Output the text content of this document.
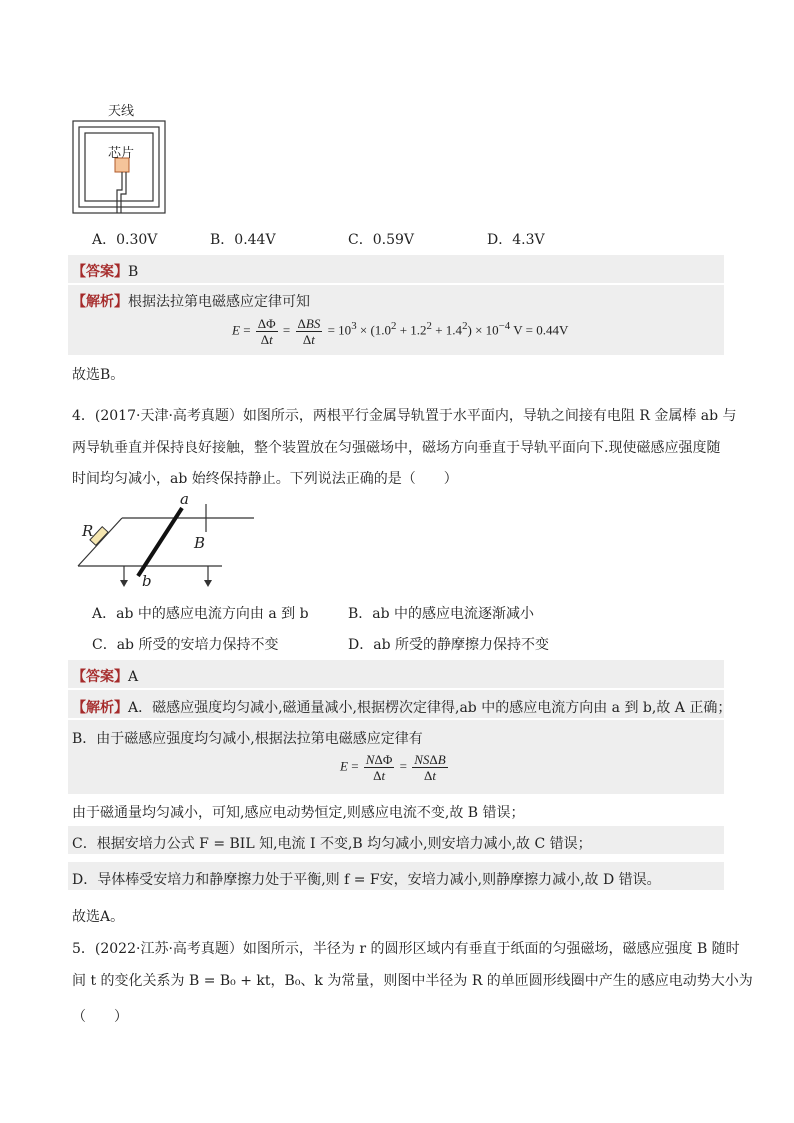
天线
芯片
A．0.30V	B．0.44V	C．0.59V	D．4.3V
【答案】B
【解析】根据法拉第电磁感应定律可知
$E = \frac{\Delta\Phi}{\Delta t} = \frac{\text{ΔBS}}{\Delta t} = 10^3 \times (1.0^2 + 1.2^2 + 1.4^2) \times 10^{-4}$ V = 0.44V
故选B。
4．(2017·天津·高考真题）如图所示，两根平行金属导轨置于水平面内，导轨之间接有电阻 R 金属棒 ab 与
两导轨垂直并保持良好接触，整个装置放在匀强磁场中，磁场方向垂直于导轨平面向下.现使磁感应强度随
时间均匀减小，ab 始终保持静止。下列说法正确的是（　　）
R
a
b
B
A．ab 中的感应电流方向由 a 到 b	B．ab 中的感应电流逐渐减小
C．ab 所受的安培力保持不变	D．ab 所受的静摩擦力保持不变
【答案】A
【解析】A．磁感应强度均匀减小,磁通量减小,根据楞次定律得,ab 中的感应电流方向由 a 到 b,故 A 正确；
B．由于磁感应强度均匀减小,根据法拉第电磁感应定律有
$E = \frac{\text{NΔΦ}}{\Delta t} = \frac{\text{NSΔB}}{\Delta t}$
由于磁通量均匀减小，可知,感应电动势恒定,则感应电流不变,故 B 错误；
C．根据安培力公式 F = BIL 知,电流 I 不变,B 均匀减小,则安培力减小,故 C 错误；
D．导体棒受安培力和静摩擦力处于平衡,则 f = F安，安培力减小,则静摩擦力减小,故 D 错误。
故选A。
5．(2022·江苏·高考真题）如图所示，半径为 r 的圆形区域内有垂直于纸面的匀强磁场，磁感应强度 B 随时
间 t 的变化关系为 B = B₀ + kt，B₀、k 为常量，则图中半径为 R 的单匝圆形线圈中产生的感应电动势大小为
（　　）
